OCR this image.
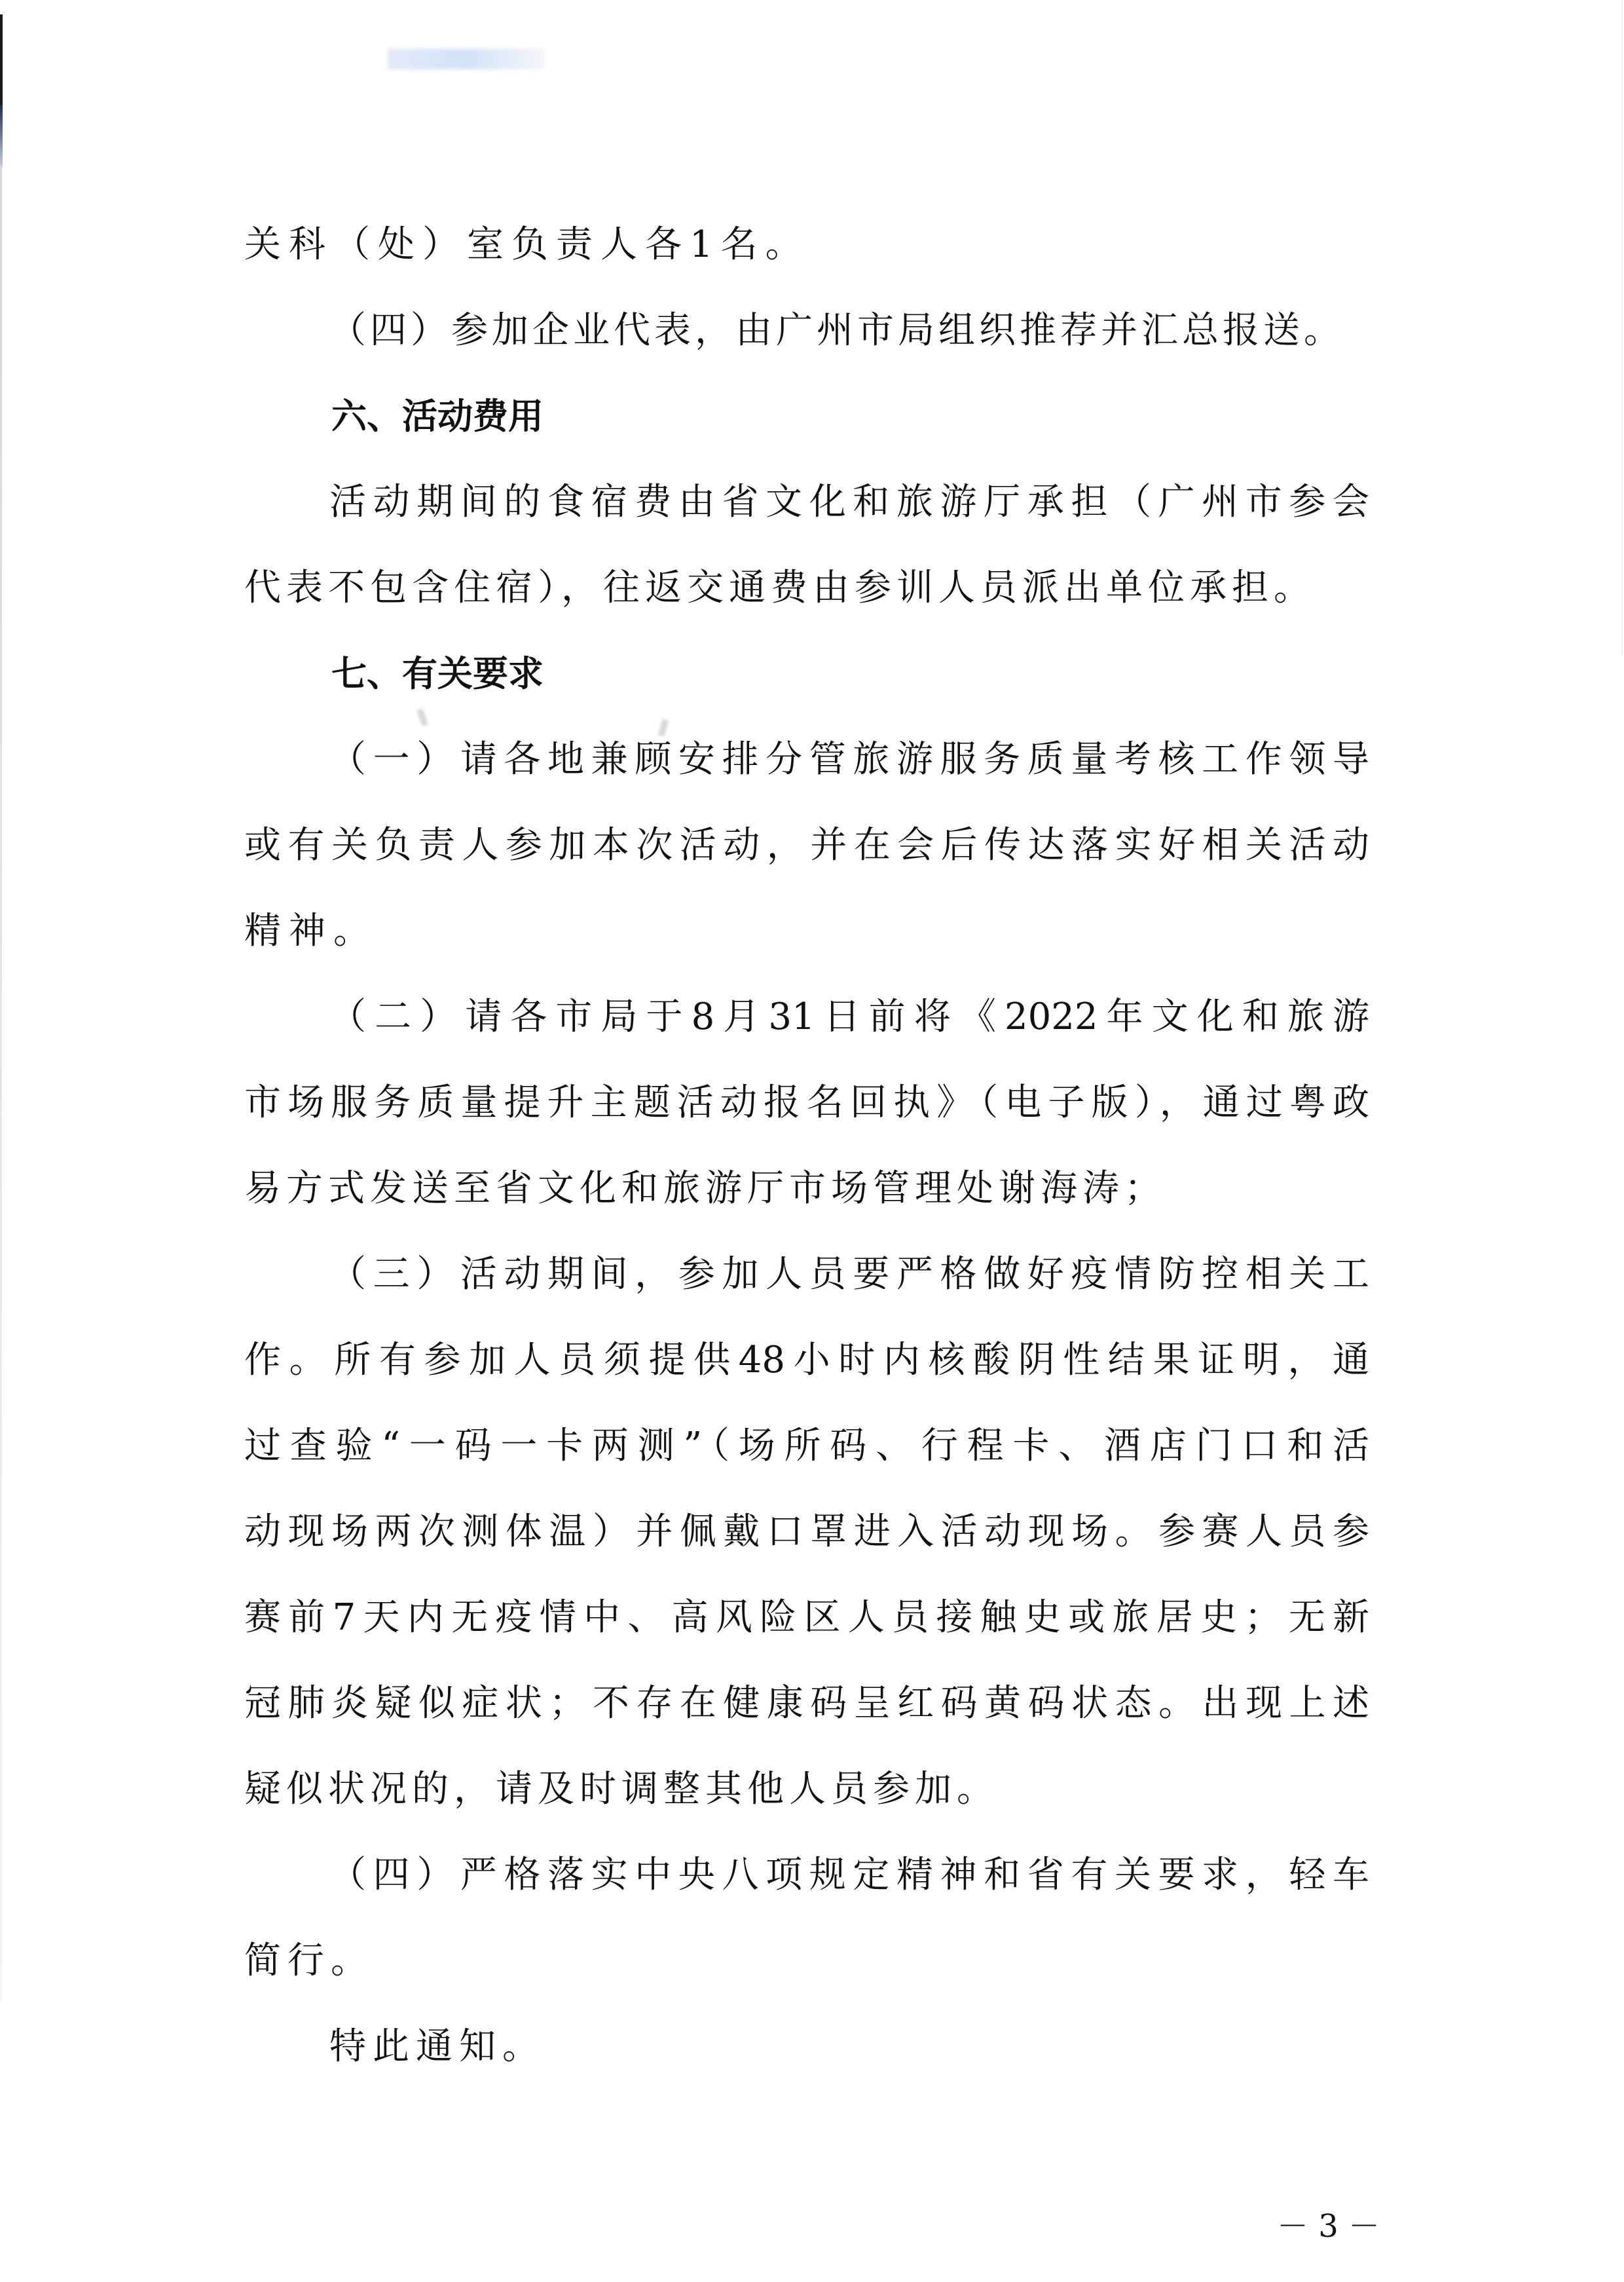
关科（处）室负责人各1名。
（四）参加企业代表，由广州市局组织推荐并汇总报送。
六、活动费用
活动期间的食宿费由省文化和旅游厅承担（广州市参会
代表不包含住宿），往返交通费由参训人员派出单位承担。
七、有关要求
（一）请各地兼顾安排分管旅游服务质量考核工作领导
或有关负责人参加本次活动，并在会后传达落实好相关活动
精神。
（二）请各市局于8月31日前将《2022年文化和旅游
市场服务质量提升主题活动报名回执》（电子版），通过粤政
易方式发送至省文化和旅游厅市场管理处谢海涛；
（三）活动期间，参加人员要严格做好疫情防控相关工
作。所有参加人员须提供48小时内核酸阴性结果证明，通
过查验“一码一卡两测”（场所码、行程卡、酒店门口和活
动现场两次测体温）并佩戴口罩进入活动现场。参赛人员参
赛前7天内无疫情中、高风险区人员接触史或旅居史；无新
冠肺炎疑似症状；不存在健康码呈红码黄码状态。出现上述
疑似状况的，请及时调整其他人员参加。
（四）严格落实中央八项规定精神和省有关要求，轻车
简行。
特此通知。
－ 3 －
